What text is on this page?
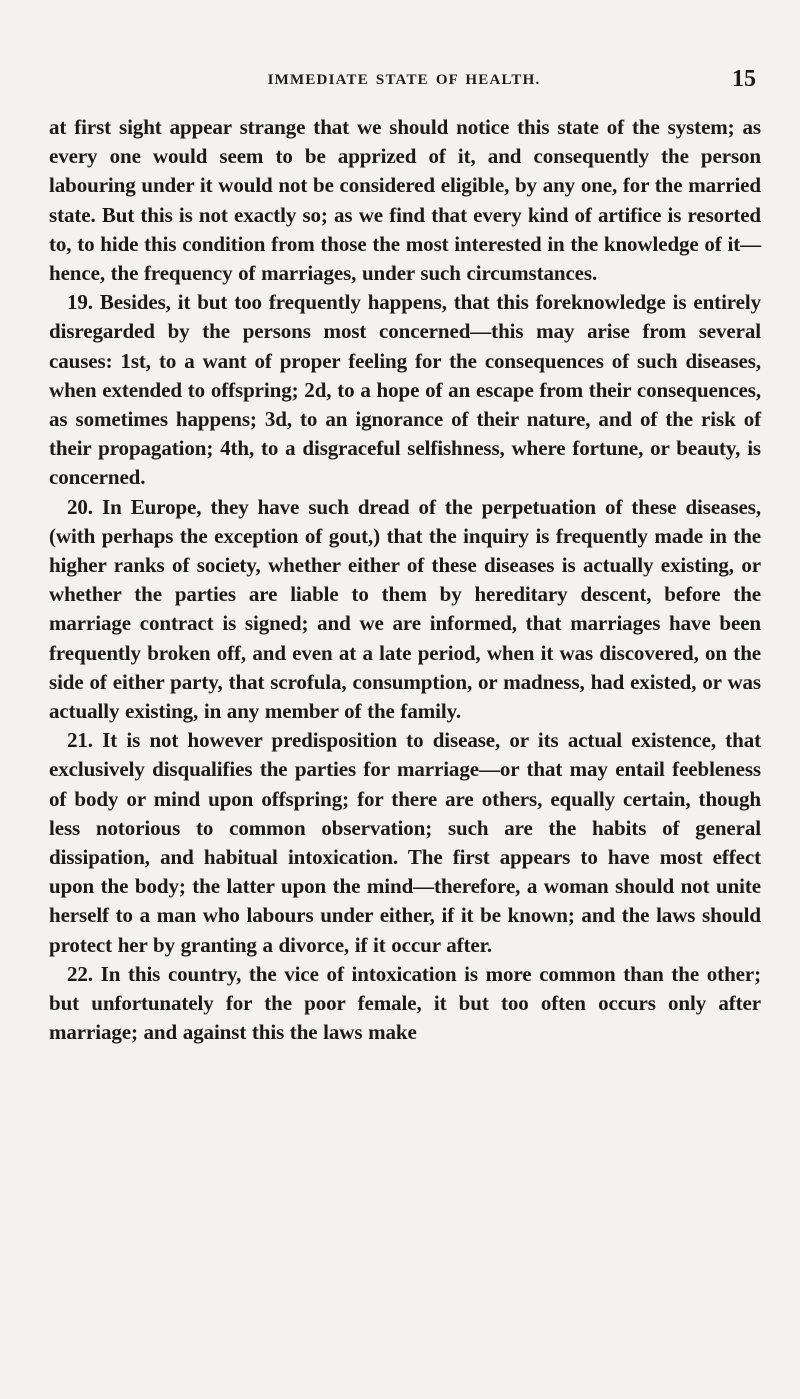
IMMEDIATE STATE OF HEALTH.	15

at first sight appear strange that we should notice this state of the system; as every one would seem to be apprized of it, and consequently the person labouring under it would not be considered eligible, by any one, for the married state. But this is not exactly so; as we find that every kind of artifice is resorted to, to hide this condition from those the most interested in the knowledge of it—hence, the frequency of marriages, under such circumstances.

19. Besides, it but too frequently happens, that this foreknowledge is entirely disregarded by the persons most concerned—this may arise from several causes: 1st, to a want of proper feeling for the consequences of such diseases, when extended to offspring; 2d, to a hope of an escape from their consequences, as sometimes happens; 3d, to an ignorance of their nature, and of the risk of their propagation; 4th, to a disgraceful selfishness, where fortune, or beauty, is concerned.

20. In Europe, they have such dread of the perpetuation of these diseases, (with perhaps the exception of gout,) that the inquiry is frequently made in the higher ranks of society, whether either of these diseases is actually existing, or whether the parties are liable to them by hereditary descent, before the marriage contract is signed; and we are informed, that marriages have been frequently broken off, and even at a late period, when it was discovered, on the side of either party, that scrofula, consumption, or madness, had existed, or was actually existing, in any member of the family.

21. It is not however predisposition to disease, or its actual existence, that exclusively disqualifies the parties for marriage—or that may entail feebleness of body or mind upon offspring; for there are others, equally certain, though less notorious to common observation; such are the habits of general dissipation, and habitual intoxication. The first appears to have most effect upon the body; the latter upon the mind—therefore, a woman should not unite herself to a man who labours under either, if it be known; and the laws should protect her by granting a divorce, if it occur after.

22. In this country, the vice of intoxication is more common than the other; but unfortunately for the poor female, it but too often occurs only after marriage; and against this the laws make
